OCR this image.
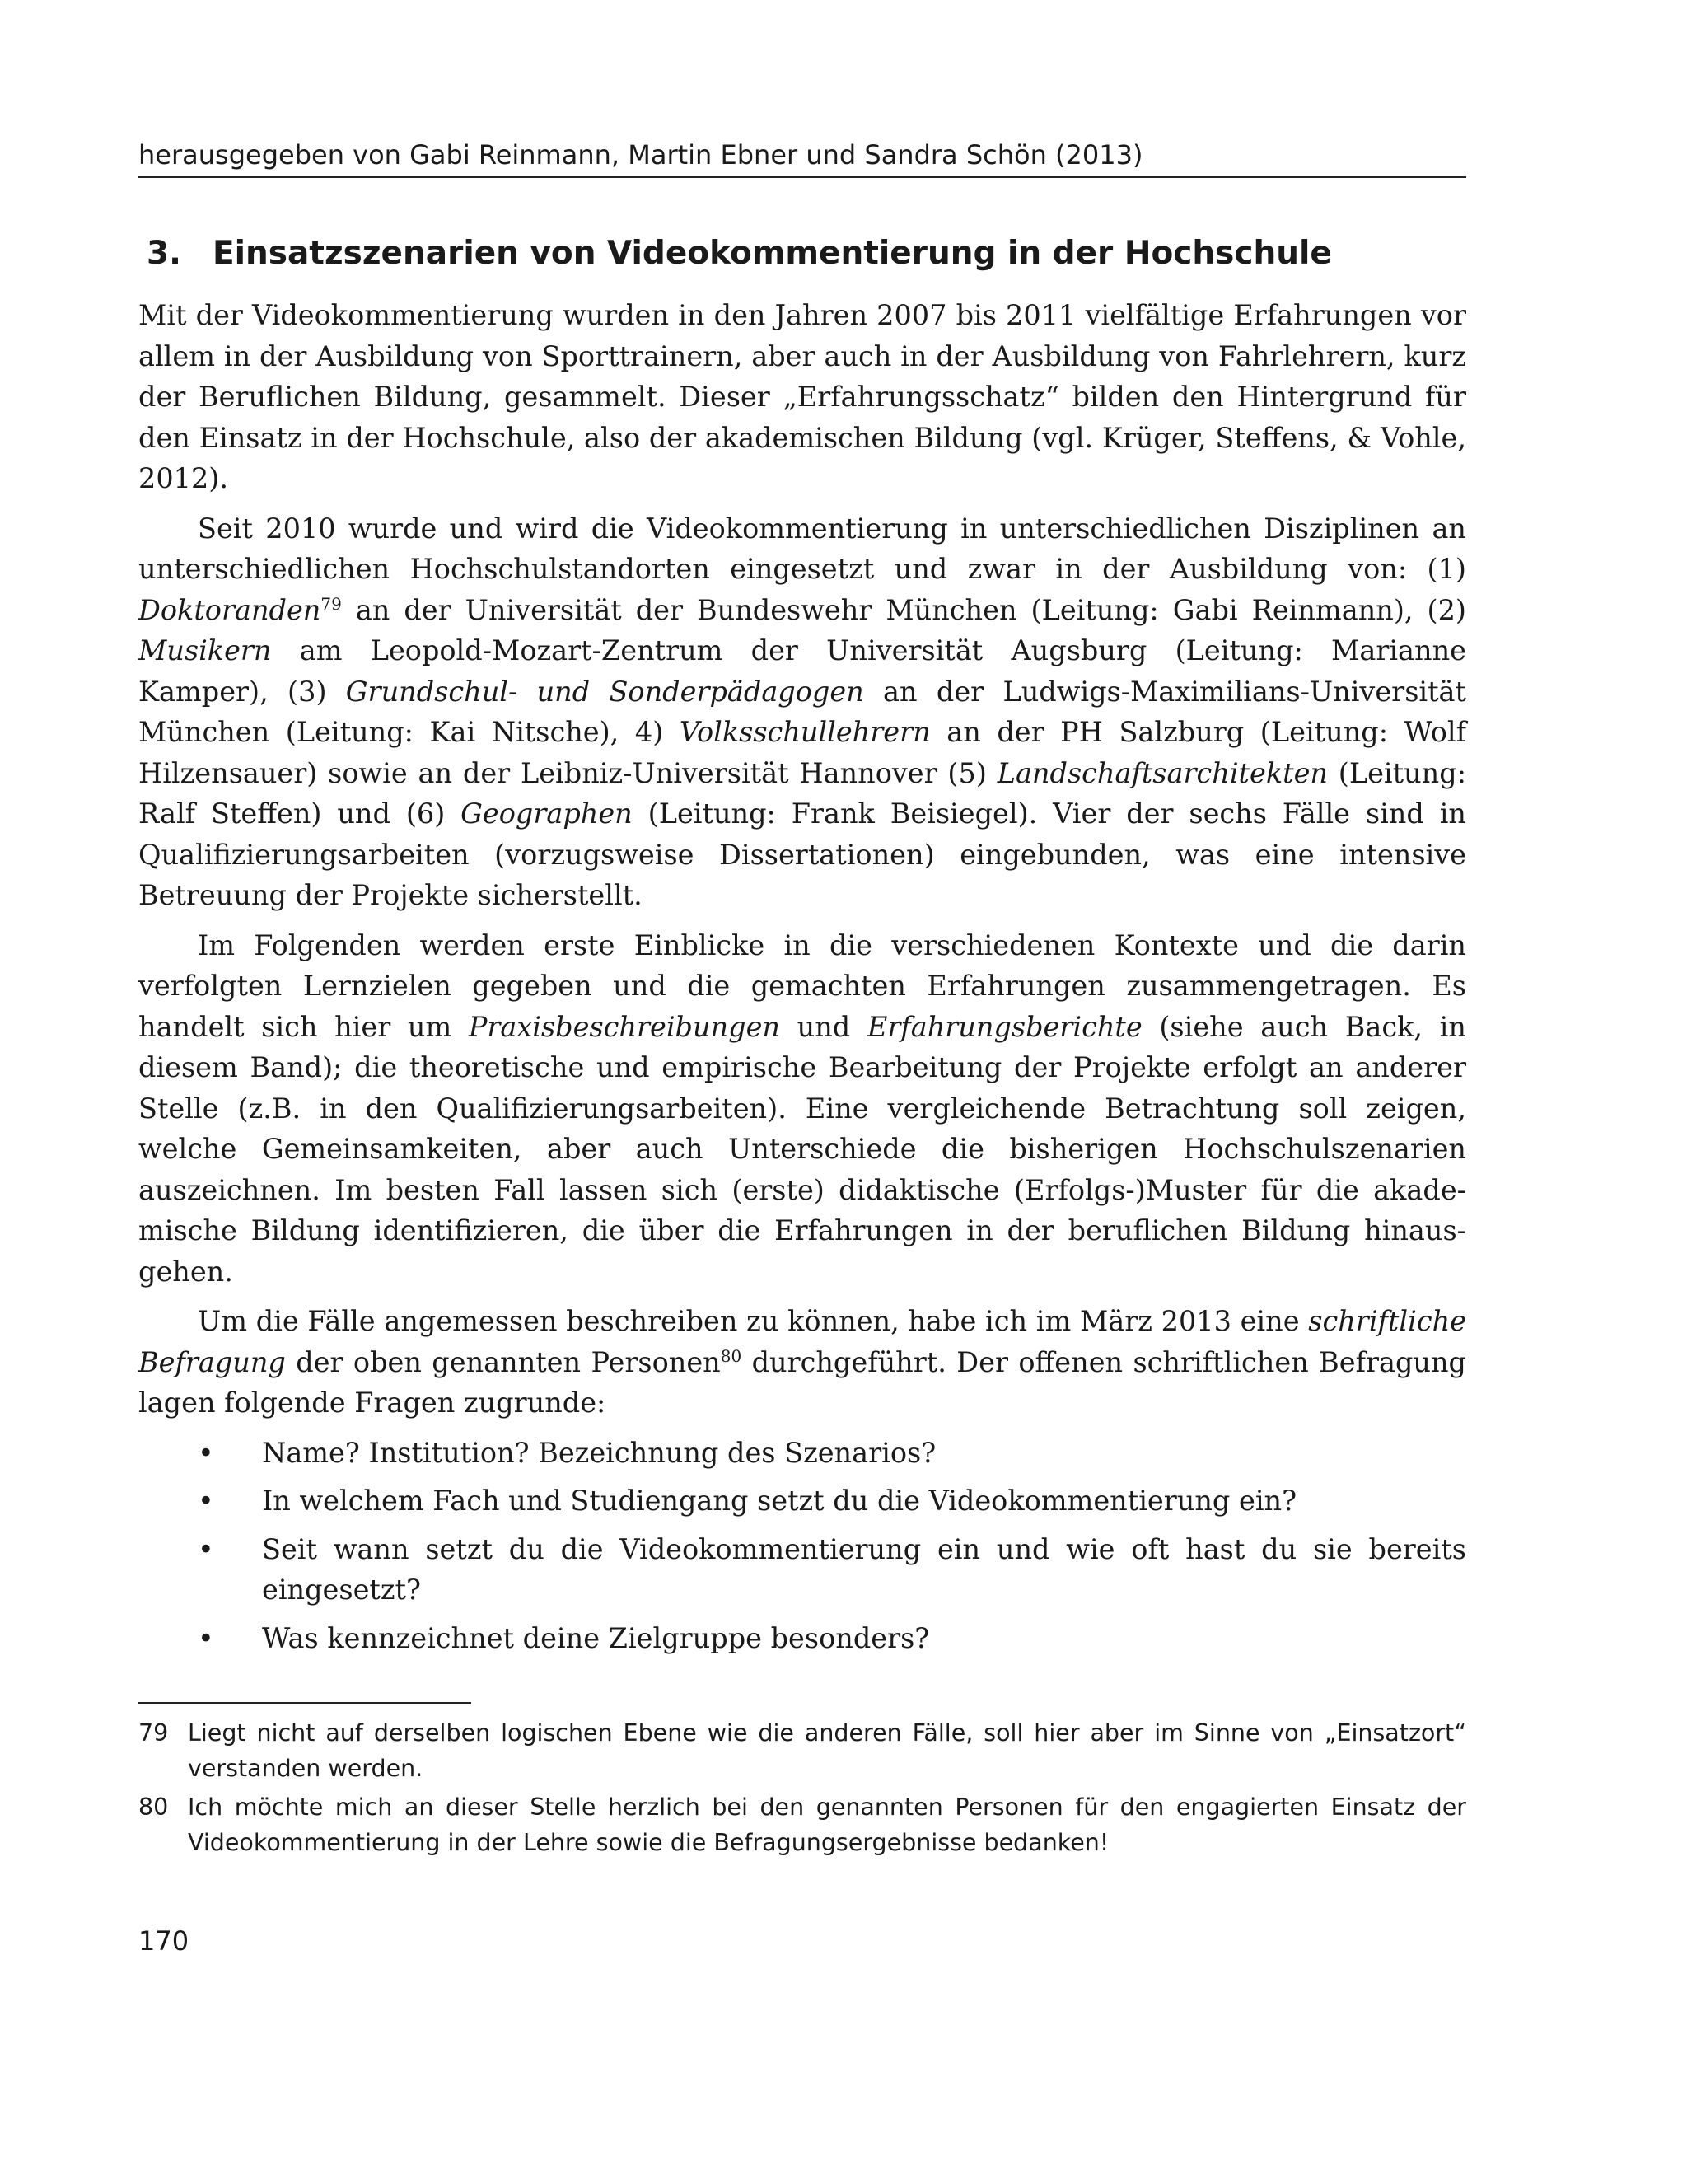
herausgegeben von Gabi Reinmann, Martin Ebner und Sandra Schön (2013)
3. Einsatzszenarien von Videokommentierung in der Hochschule

Mit der Videokommentierung wurden in den Jahren 2007 bis 2011 vielfältige Erfahrungen vor allem in der Ausbildung von Sporttrainern, aber auch in der Ausbildung von Fahrlehrern, kurz der Beruflichen Bildung, gesammelt. Dieser „Erfahrungsschatz“ bilden den Hintergrund für den Einsatz in der Hochschule, also der akademischen Bildung (vgl. Krüger, Steffens, & Vohle, 2012).

Seit 2010 wurde und wird die Videokommentierung in unterschiedlichen Disziplinen an unterschiedlichen Hochschulstandorten eingesetzt und zwar in der Ausbildung von: (1) Doktoranden$^{79}$ an der Universität der Bundeswehr München (Leitung: Gabi Reinmann), (2) Musikern am Leopold-Mozart-Zentrum der Universität Augsburg (Leitung: Marianne Kamper), (3) Grundschul- und Sonderpädagogen an der Ludwigs-Maximilians-Universität München (Leitung: Kai Nitsche), 4) Volksschullehrern an der PH Salzburg (Leitung: Wolf Hilzensauer) sowie an der Leibniz-Universität Hannover (5) Landschaftsarchitekten (Leitung: Ralf Steffen) und (6) Geographen (Leitung: Frank Beisiegel). Vier der sechs Fälle sind in Qualifizierungsarbeiten (vorzugsweise Dissertationen) eingebunden, was eine intensive Betreuung der Projekte sicherstellt.

Im Folgenden werden erste Einblicke in die verschiedenen Kontexte und die darin verfolgten Lernzielen gegeben und die gemachten Erfahrungen zusammengetragen. Es handelt sich hier um Praxisbeschreibungen und Erfahrungsberichte (siehe auch Back, in diesem Band); die theoretische und empirische Bearbeitung der Projekte erfolgt an anderer Stelle (z.B. in den Qualifizierungsarbeiten). Eine vergleichende Betrachtung soll zeigen, welche Gemeinsamkeiten, aber auch Unterschiede die bisherigen Hochschulszenarien auszeichnen. Im besten Fall lassen sich (erste) didaktische (Erfolgs-)Muster für die akademische Bildung identifizieren, die über die Erfahrungen in der beruflichen Bildung hinausgehen.

Um die Fälle angemessen beschreiben zu können, habe ich im März 2013 eine schriftliche Befragung der oben genannten Personen$^{80}$ durchgeführt. Der offenen schriftlichen Befragung lagen folgende Fragen zugrunde:

• Name? Institution? Bezeichnung des Szenarios?
• In welchem Fach und Studiengang setzt du die Videokommentierung ein?
• Seit wann setzt du die Videokommentierung ein und wie oft hast du sie bereits eingesetzt?
• Was kennzeichnet deine Zielgruppe besonders?
79 Liegt nicht auf derselben logischen Ebene wie die anderen Fälle, soll hier aber im Sinne von „Einsatzort“ verstanden werden.
80 Ich möchte mich an dieser Stelle herzlich bei den genannten Personen für den engagierten Einsatz der Videokommentierung in der Lehre sowie die Befragungsergebnisse bedanken!
170
